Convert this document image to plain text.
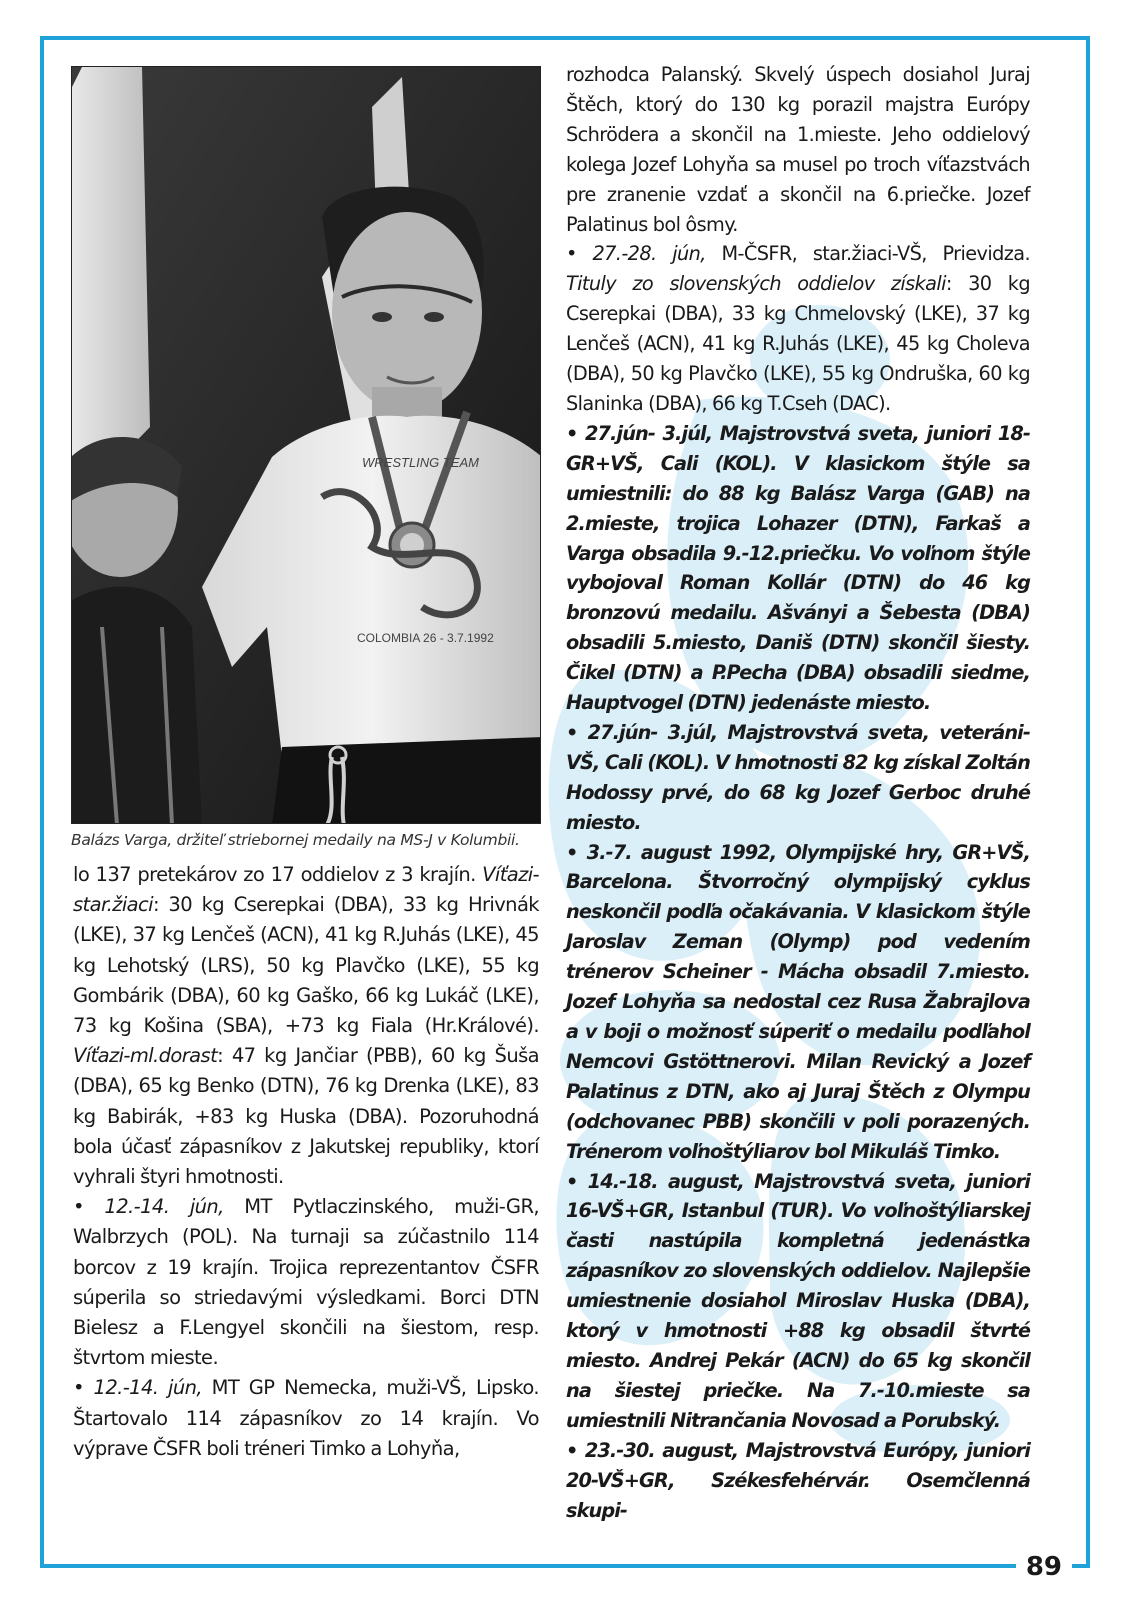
WRESTLING TEAM
COLOMBIA 26 - 3.7.1992
Balázs Varga, držiteľ striebornej medaily na MS-J v Kolumbii.

lo 137 pretekárov zo 17 oddielov z 3 krajín. Víťazi-star.žiaci: 30 kg Cserepkai (DBA), 33 kg Hrivnák (LKE), 37 kg Lenčeš (ACN), 41 kg R.Juhás (LKE), 45 kg Lehotský (LRS), 50 kg Plavčko (LKE), 55 kg Gombárik (DBA), 60 kg Gaško, 66 kg Lukáč (LKE), 73 kg Košina (SBA), +73 kg Fiala (Hr.Králové). Víťazi-ml.dorast: 47 kg Jančiar (PBB), 60 kg Šuša (DBA), 65 kg Benko (DTN), 76 kg Drenka (LKE), 83 kg Babirák, +83 kg Huska (DBA). Pozoruhodná bola účasť zápasníkov z Jakutskej republiky, ktorí vyhrali štyri hmotnosti.

• 12.-14. jún, MT Pytlaczinského, muži-GR, Walbrzych (POL). Na turnaji sa zúčastnilo 114 borcov z 19 krajín. Trojica reprezentantov ČSFR súperila so striedavými výsledkami. Borci DTN Bielesz a F.Lengyel skončili na šiestom, resp. štvrtom mieste.

• 12.-14. jún, MT GP Nemecka, muži-VŠ, Lipsko. Štartovalo 114 zápasníkov zo 14 krajín. Vo výprave ČSFR boli tréneri Timko a Lohyňa,

rozhodca Palanský. Skvelý úspech dosiahol Juraj Štěch, ktorý do 130 kg porazil majstra Európy Schrödera a skončil na 1.mieste. Jeho oddielový kolega Jozef Lohyňa sa musel po troch víťazstvách pre zranenie vzdať a skončil na 6.priečke. Jozef Palatinus bol ôsmy.

• 27.-28. jún, M-ČSFR, star.žiaci-VŠ, Prievidza. Tituly zo slovenských oddielov získali: 30 kg Cserepkai (DBA), 33 kg Chmelovský (LKE), 37 kg Lenčeš (ACN), 41 kg R.Juhás (LKE), 45 kg Choleva (DBA), 50 kg Plavčko (LKE), 55 kg Ondruška, 60 kg Slaninka (DBA), 66 kg T.Cseh (DAC).

• 27.jún- 3.júl, Majstrovstvá sveta, juniori 18-GR+VŠ, Cali (KOL). V klasickom štýle sa umiestnili: do 88 kg Balász Varga (GAB) na 2.mieste, trojica Lohazer (DTN), Farkaš a Varga obsadila 9.-12.priečku. Vo voľnom štýle vybojoval Roman Kollár (DTN) do 46 kg bronzovú medailu. Ašványi a Šebesta (DBA) obsadili 5.miesto, Daniš (DTN) skončil šiesty. Čikel (DTN) a P.Pecha (DBA) obsadili siedme, Hauptvogel (DTN) jedenáste miesto.

• 27.jún- 3.júl, Majstrovstvá sveta, veteráni-VŠ, Cali (KOL). V hmotnosti 82 kg získal Zoltán Hodossy prvé, do 68 kg Jozef Gerboc druhé miesto.

• 3.-7. august 1992, Olympijské hry, GR+VŠ, Barcelona. Štvorročný olympijský cyklus neskončil podľa očakávania. V klasickom štýle Jaroslav Zeman (Olymp) pod vedením trénerov Scheiner - Mácha obsadil 7.miesto. Jozef Lohyňa sa nedostal cez Rusa Žabrajlova a v boji o možnosť súperiť o medailu podľahol Nemcovi Gstöttnerovi. Milan Revický a Jozef Palatinus z DTN, ako aj Juraj Štěch z Olympu (odchovanec PBB) skončili v poli porazených. Trénerom voľnoštýliarov bol Mikuláš Timko.

• 14.-18. august, Majstrovstvá sveta, juniori 16-VŠ+GR, Istanbul (TUR). Vo voľnoštýliarskej časti nastúpila kompletná jedenástka zápasníkov zo slovenských oddielov. Najlepšie umiestnenie dosiahol Miroslav Huska (DBA), ktorý v hmotnosti +88 kg obsadil štvrté miesto. Andrej Pekár (ACN) do 65 kg skončil na šiestej priečke. Na 7.-10.mieste sa umiestnili Nitrančania Novosad a Porubský.

• 23.-30. august, Majstrovstvá Európy, juniori 20-VŠ+GR, Székesfehérvár. Osemčlenná skupi-

89
